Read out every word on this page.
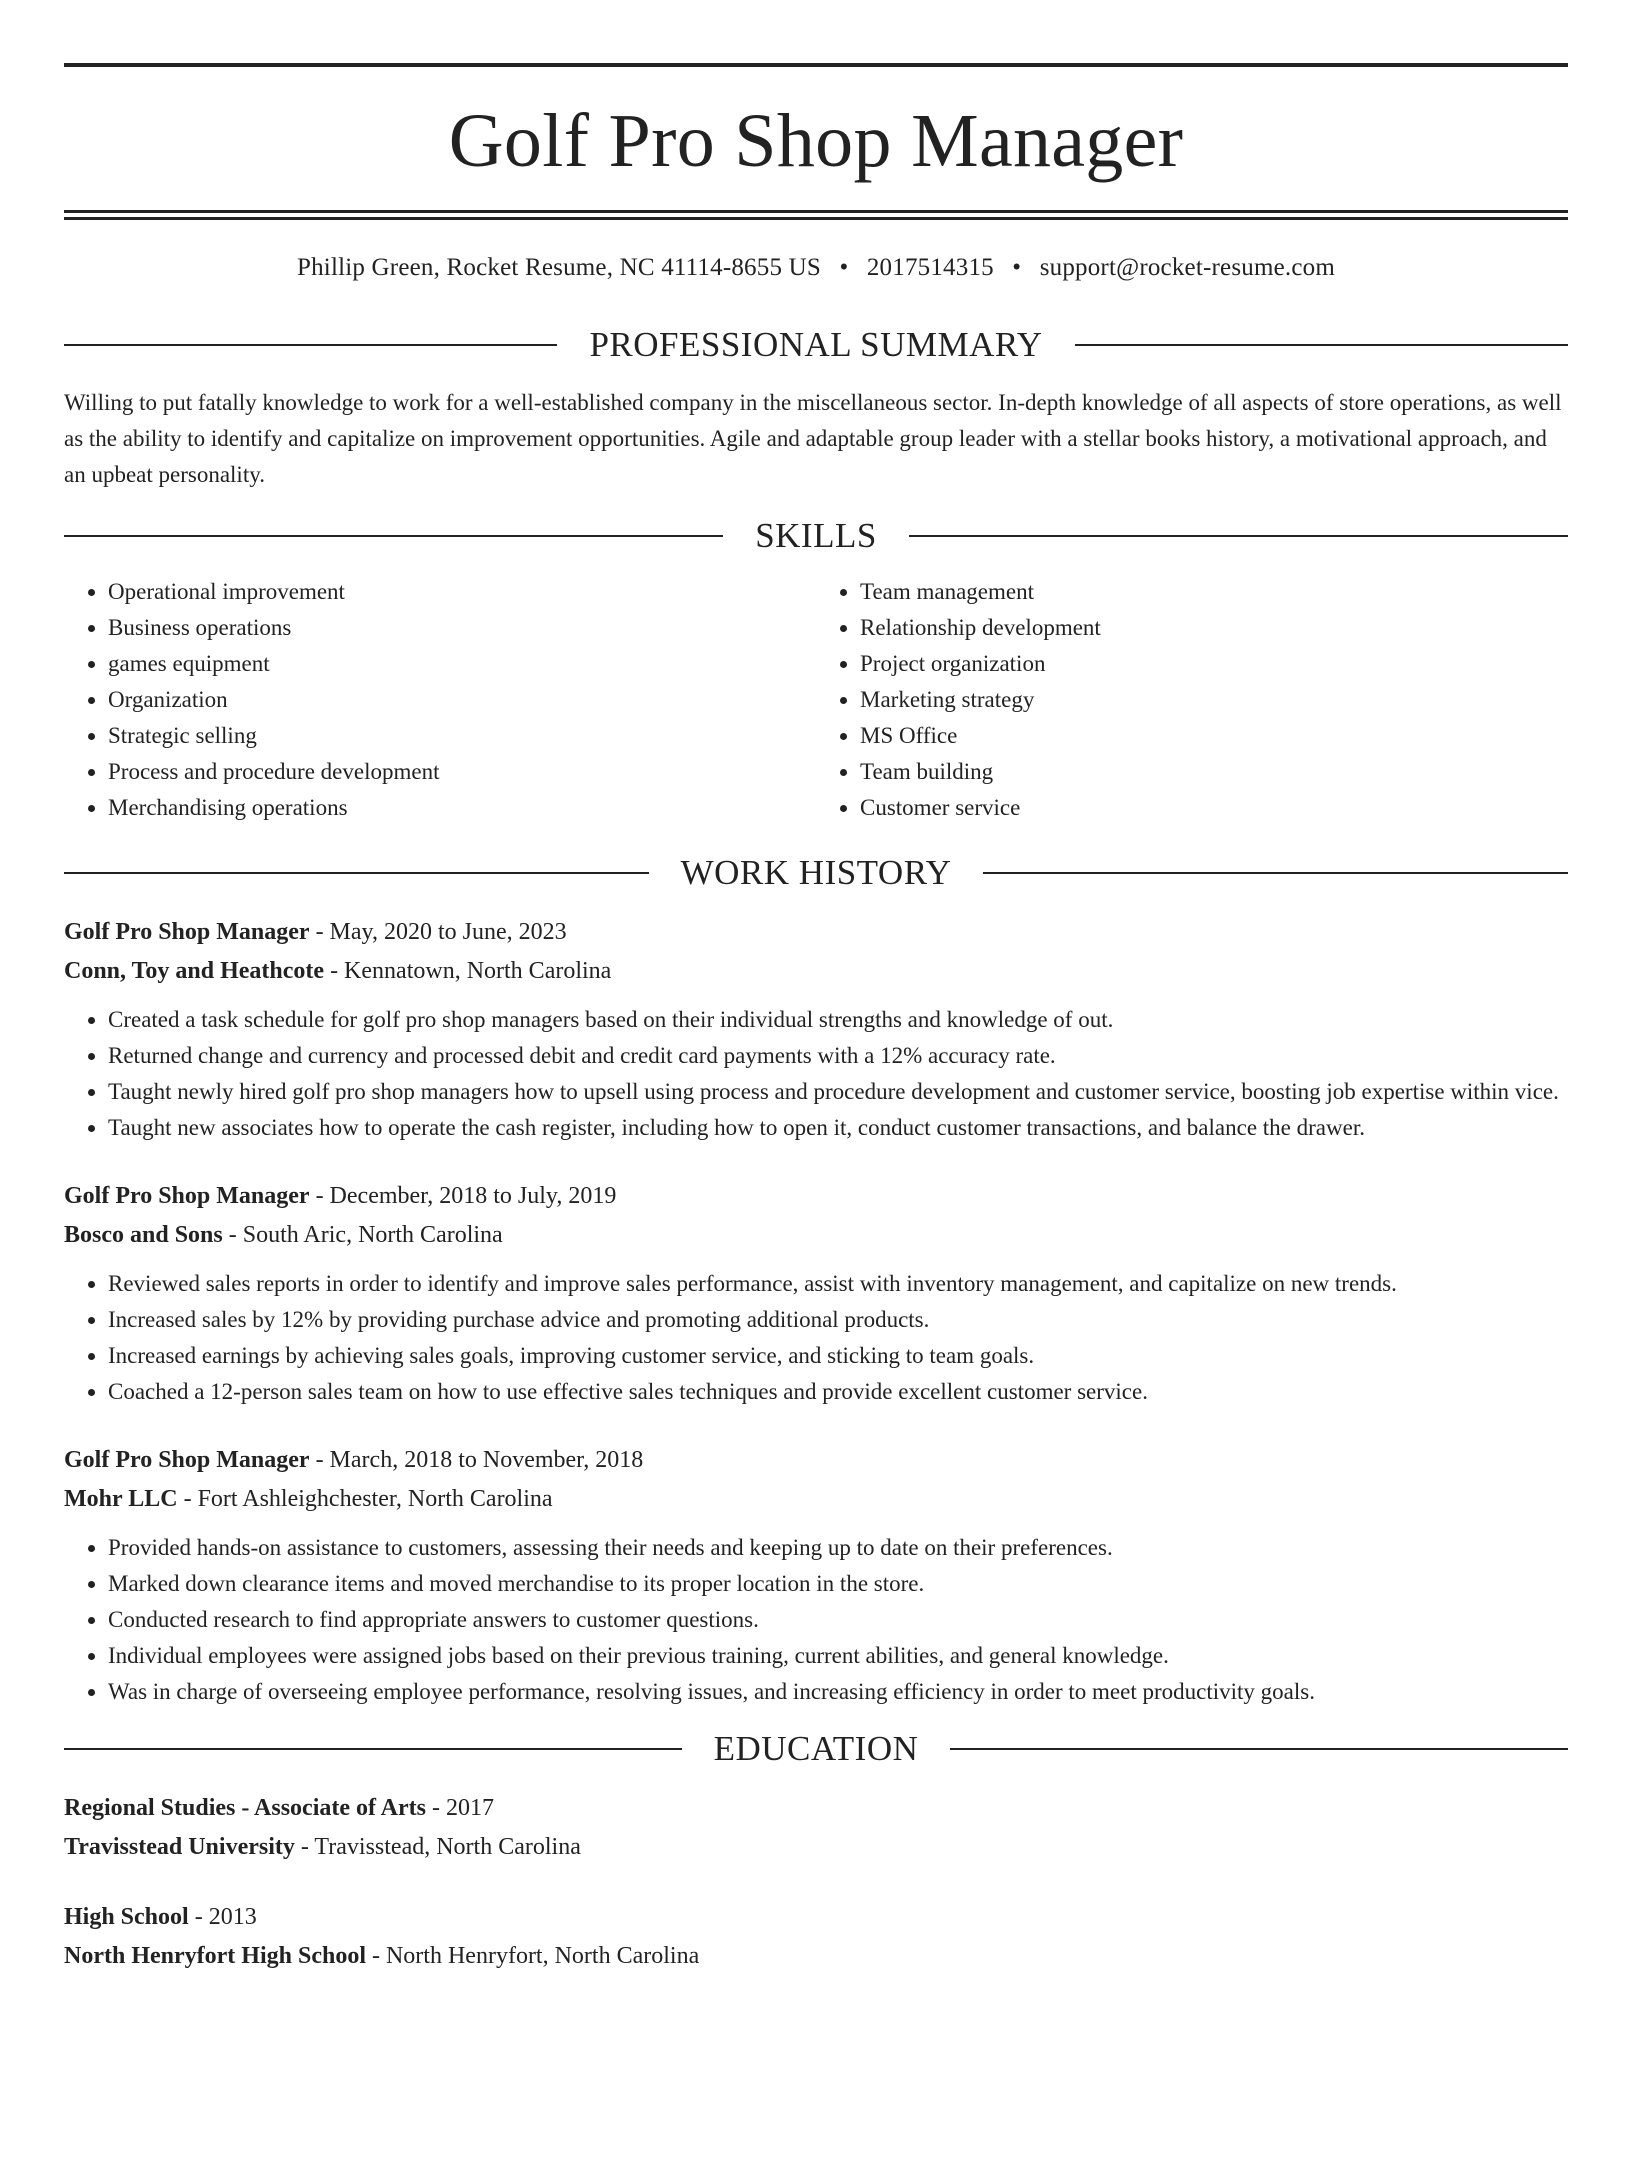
Golf Pro Shop Manager
Phillip Green, Rocket Resume, NC 41114-8655 US • 2017514315 • support@rocket-resume.com
PROFESSIONAL SUMMARY

Willing to put fatally knowledge to work for a well-established company in the miscellaneous sector. In-depth knowledge of all aspects of store operations, as well as the ability to identify and capitalize on improvement opportunities. Agile and adaptable group leader with a stellar books history, a motivational approach, and an upbeat personality.

SKILLS
• Operational improvement
• Business operations
• games equipment
• Organization
• Strategic selling
• Process and procedure development
• Merchandising operations
• Team management
• Relationship development
• Project organization
• Marketing strategy
• MS Office
• Team building
• Customer service
WORK HISTORY
Golf Pro Shop Manager - May, 2020 to June, 2023
Conn, Toy and Heathcote - Kennatown, North Carolina
• Created a task schedule for golf pro shop managers based on their individual strengths and knowledge of out.
• Returned change and currency and processed debit and credit card payments with a 12% accuracy rate.
• Taught newly hired golf pro shop managers how to upsell using process and procedure development and customer service, boosting job expertise within vice.
• Taught new associates how to operate the cash register, including how to open it, conduct customer transactions, and balance the drawer.
Golf Pro Shop Manager - December, 2018 to July, 2019
Bosco and Sons - South Aric, North Carolina
• Reviewed sales reports in order to identify and improve sales performance, assist with inventory management, and capitalize on new trends.
• Increased sales by 12% by providing purchase advice and promoting additional products.
• Increased earnings by achieving sales goals, improving customer service, and sticking to team goals.
• Coached a 12-person sales team on how to use effective sales techniques and provide excellent customer service.
Golf Pro Shop Manager - March, 2018 to November, 2018
Mohr LLC - Fort Ashleighchester, North Carolina
• Provided hands-on assistance to customers, assessing their needs and keeping up to date on their preferences.
• Marked down clearance items and moved merchandise to its proper location in the store.
• Conducted research to find appropriate answers to customer questions.
• Individual employees were assigned jobs based on their previous training, current abilities, and general knowledge.
• Was in charge of overseeing employee performance, resolving issues, and increasing efficiency in order to meet productivity goals.
EDUCATION
Regional Studies - Associate of Arts - 2017
Travisstead University - Travisstead, North Carolina
High School - 2013
North Henryfort High School - North Henryfort, North Carolina
